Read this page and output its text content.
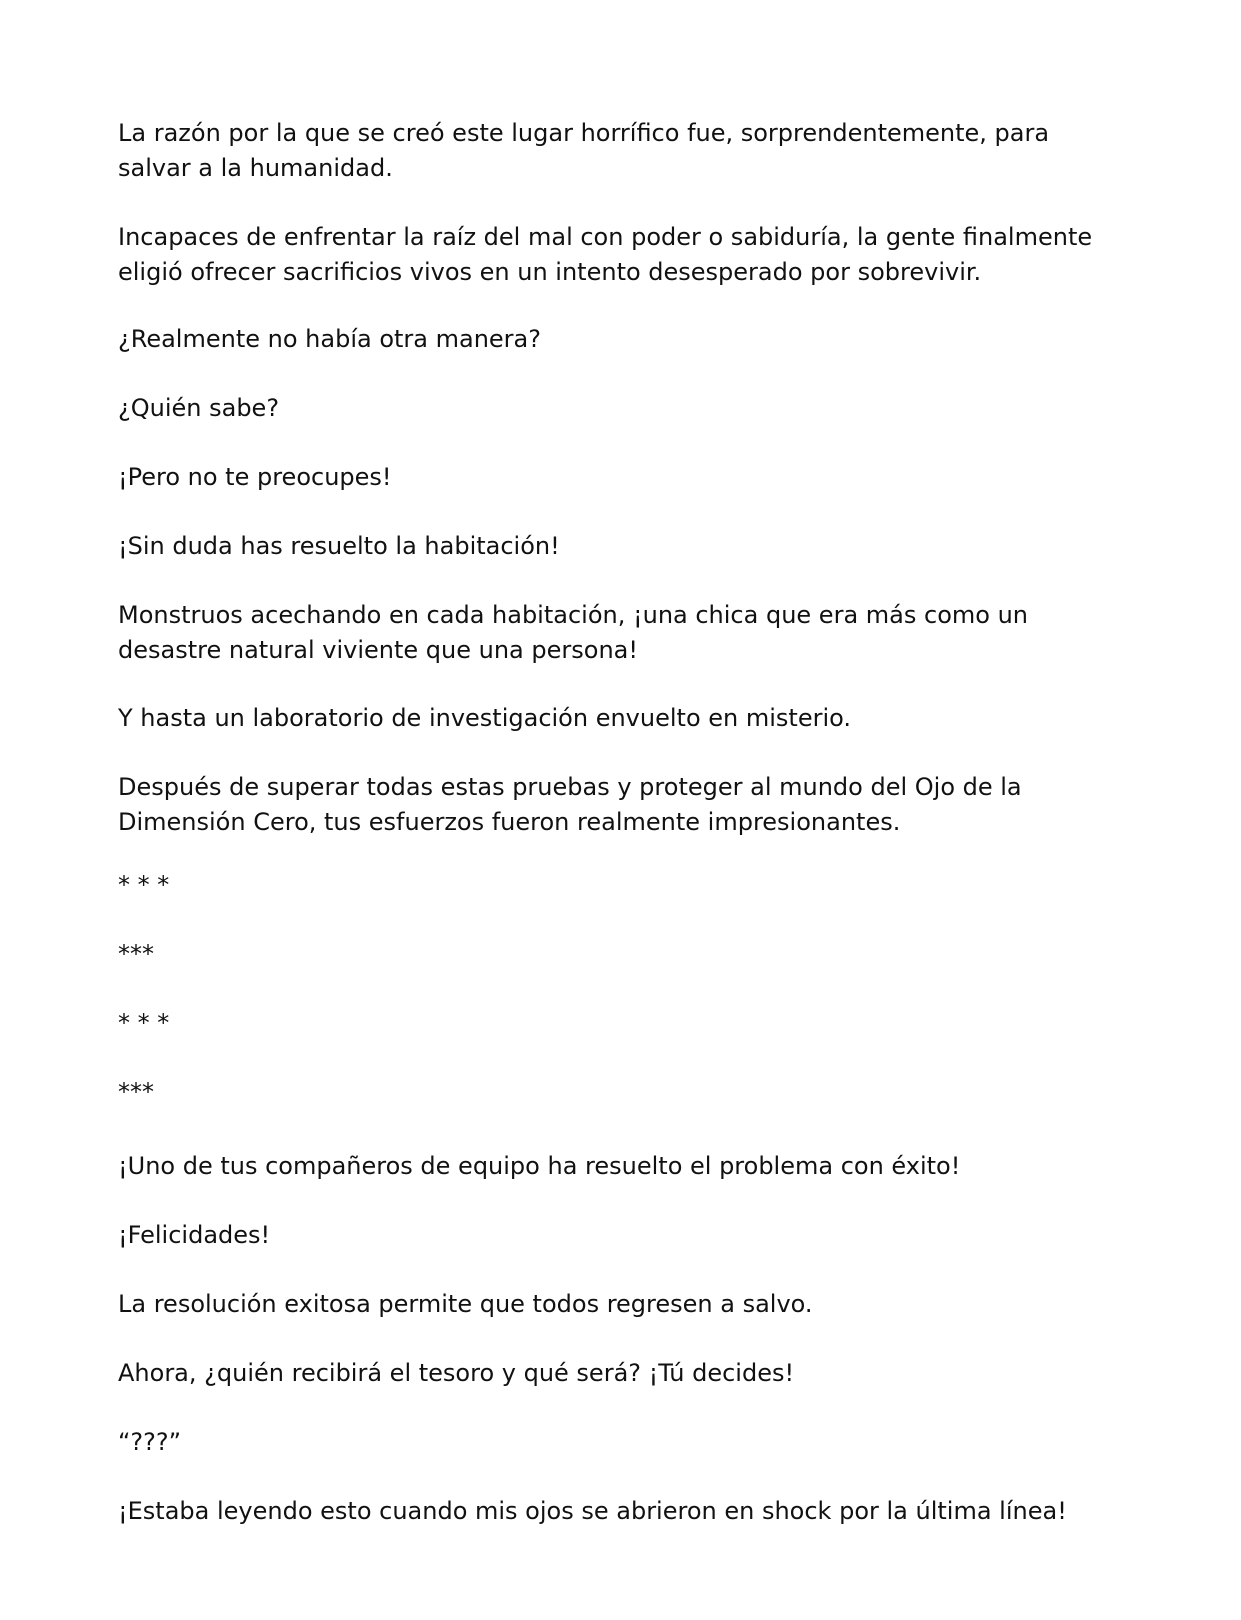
La razón por la que se creó este lugar horrífico fue, sorprendentemente, para salvar a la humanidad.

Incapaces de enfrentar la raíz del mal con poder o sabiduría, la gente finalmente eligió ofrecer sacrificios vivos en un intento desesperado por sobrevivir.

¿Realmente no había otra manera?

¿Quién sabe?

¡Pero no te preocupes!

¡Sin duda has resuelto la habitación!

Monstruos acechando en cada habitación, ¡una chica que era más como un desastre natural viviente que una persona!

Y hasta un laboratorio de investigación envuelto en misterio.

Después de superar todas estas pruebas y proteger al mundo del Ojo de la Dimensión Cero, tus esfuerzos fueron realmente impresionantes.

* * *

***

* * *

***

¡Uno de tus compañeros de equipo ha resuelto el problema con éxito!

¡Felicidades!

La resolución exitosa permite que todos regresen a salvo.

Ahora, ¿quién recibirá el tesoro y qué será? ¡Tú decides!

“???”

¡Estaba leyendo esto cuando mis ojos se abrieron en shock por la última línea!
